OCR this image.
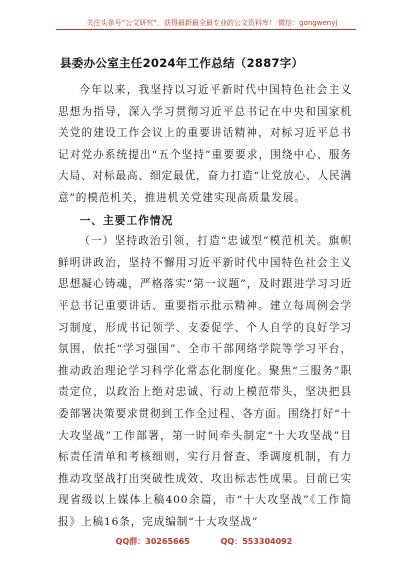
关注头条号“公文研究”，获得最新最全最专业的公文资料库！ 微信：gongwenyj
县委办公室主任2024年工作总结（2887字）

今年以来，我坚持以习近平新时代中国特色社会主义思想为指导，深入学习贯彻习近平总书记在中央和国家机关党的建设工作会议上的重要讲话精神，对标习近平总书记对党办系统提出“五个坚持”重要要求，围绕中心、服务大局、对标最高、细定最优，奋力打造“让党放心、人民满意”的模范机关，推进机关党建实现高质量发展。

一、主要工作情况

（一）坚持政治引领，打造“忠诚型”模范机关。旗帜鲜明讲政治，坚持不懈用习近平新时代中国特色社会主义思想凝心铸魂，严格落实“第一议题”，及时跟进学习习近平总书记重要讲话、重要指示批示精神。建立每周例会学习制度，形成书记领学、支委促学、个人自学的良好学习氛围，依托“学习强国”、全市干部网络学院等学习平台，推动政治理论学习科学化常态化制度化。聚焦“三服务”职责定位，以政治上绝对忠诚、行动上模范带头，坚决把县委部署决策要求贯彻到工作全过程、各方面。围绕打好“十大攻坚战”工作部署，第一时间牵头制定“十大攻坚战”目标责任清单和考核细则，实行月督查、季调度机制，有力推动攻坚战打出突破性成效、攻出标志性成果。目前已实现省级以上媒体上稿400余篇，市“十大攻坚战”《工作简报》上稿16条，完成编制“十大攻坚战”

QQ群：30265665	QQ：553304092
